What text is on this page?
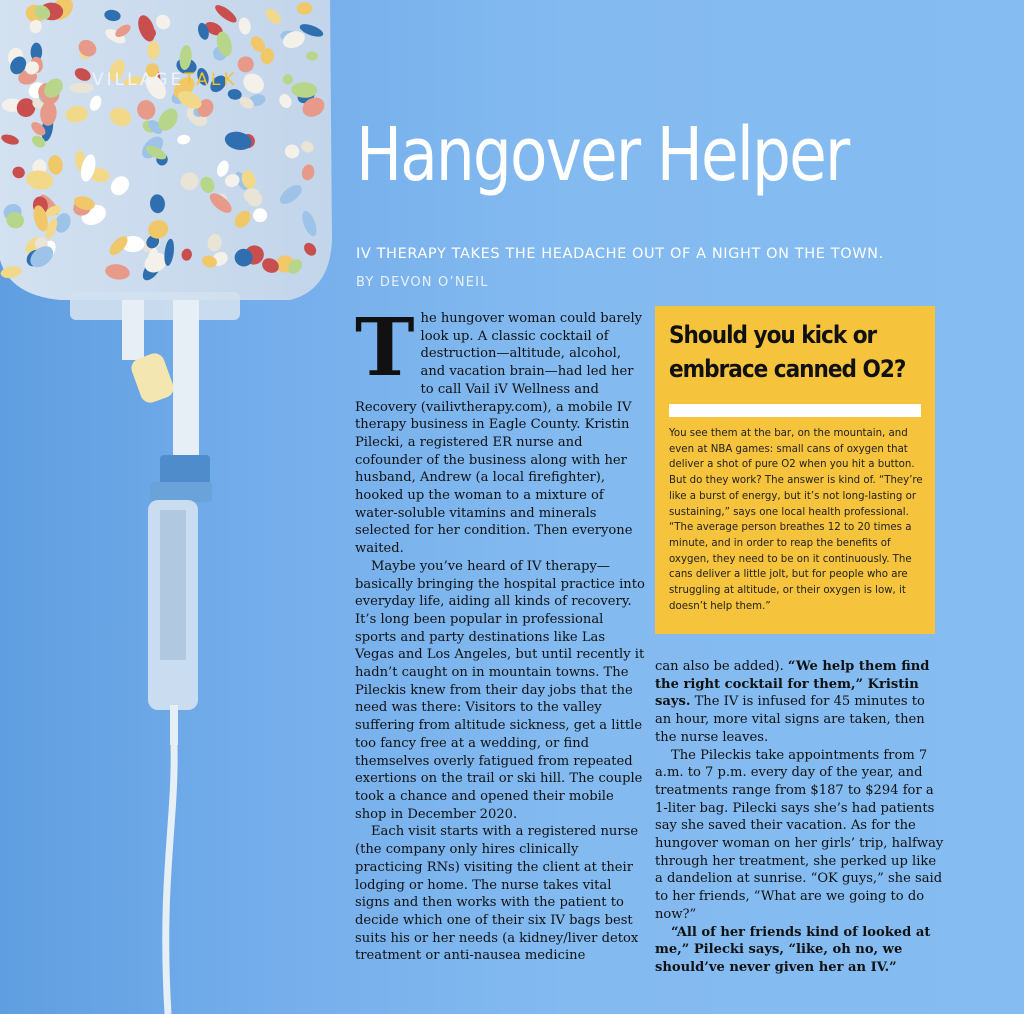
VILLAGETALK
Hangover Helper
IV THERAPY TAKES THE HEADACHE OUT OF A NIGHT ON THE TOWN.
BY DEVON O’NEIL
T he hungover woman could barely look up. A classic cocktail of destruction—altitude, alcohol, and vacation brain—had led her to call Vail iV Wellness and Recovery (vailivtherapy.com), a mobile IV therapy business in Eagle County. Kristin Pilecki, a registered ER nurse and cofounder of the business along with her husband, Andrew (a local firefighter), hooked up the woman to a mixture of water-soluble vitamins and minerals selected for her condition. Then everyone waited.

Maybe you’ve heard of IV therapy—basically bringing the hospital practice into everyday life, aiding all kinds of recovery. It’s long been popular in professional sports and party destinations like Las Vegas and Los Angeles, but until recently it hadn’t caught on in mountain towns. The Pileckis knew from their day jobs that the need was there: Visitors to the valley suffering from altitude sickness, get a little too fancy free at a wedding, or find themselves overly fatigued from repeated exertions on the trail or ski hill. The couple took a chance and opened their mobile shop in December 2020.

Each visit starts with a registered nurse (the company only hires clinically practicing RNs) visiting the client at their lodging or home. The nurse takes vital signs and then works with the patient to decide which one of their six IV bags best suits his or her needs (a kidney/liver detox treatment or anti-nausea medicine

Should you kick or embrace canned O2?
You see them at the bar, on the mountain, and even at NBA games: small cans of oxygen that deliver a shot of pure O2 when you hit a button. But do they work? The answer is kind of. “They’re like a burst of energy, but it’s not long-lasting or sustaining,” says one local health professional. “The average person breathes 12 to 20 times a minute, and in order to reap the benefits of oxygen, they need to be on it continuously. The cans deliver a little jolt, but for people who are struggling at altitude, or their oxygen is low, it doesn’t help them.”

can also be added). “We help them find the right cocktail for them,” Kristin says. The IV is infused for 45 minutes to an hour, more vital signs are taken, then the nurse leaves.

The Pileckis take appointments from 7 a.m. to 7 p.m. every day of the year, and treatments range from $187 to $294 for a 1-liter bag. Pilecki says she’s had patients say she saved their vacation. As for the hungover woman on her girls’ trip, halfway through her treatment, she perked up like a dandelion at sunrise. “OK guys,” she said to her friends, “What are we going to do now?”

“All of her friends kind of looked at me,” Pilecki says, “like, oh no, we should’ve never given her an IV.”
